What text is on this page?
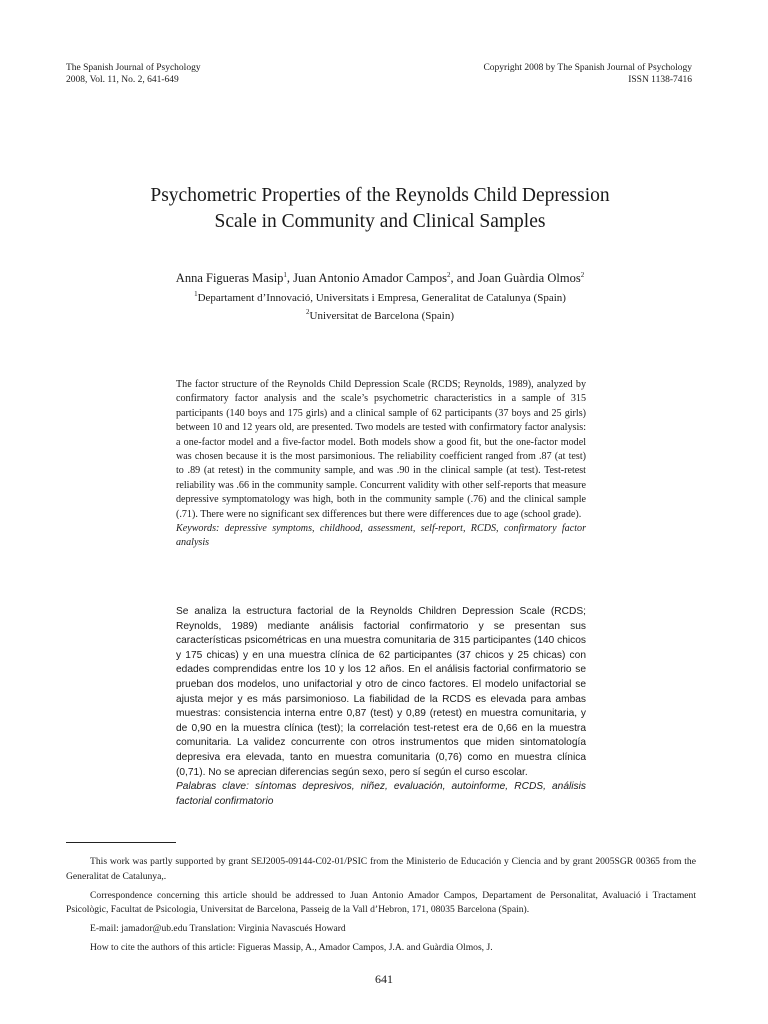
The Spanish Journal of Psychology
2008, Vol. 11, No. 2, 641-649
Copyright 2008 by The Spanish Journal of Psychology
ISSN 1138-7416
Psychometric Properties of the Reynolds Child Depression
Scale in Community and Clinical Samples
Anna Figueras Masip$^1$, Juan Antonio Amador Campos$^2$, and Joan Guàrdia Olmos$^2$
$^1$Departament d’Innovació, Universitats i Empresa, Generalitat de Catalunya (Spain)
$^2$Universitat de Barcelona (Spain)

The factor structure of the Reynolds Child Depression Scale (RCDS; Reynolds, 1989), analyzed by confirmatory factor analysis and the scale’s psychometric characteristics in a sample of 315 participants (140 boys and 175 girls) and a clinical sample of 62 participants (37 boys and 25 girls) between 10 and 12 years old, are presented. Two models are tested with confirmatory factor analysis: a one-factor model and a five-factor model. Both models show a good fit, but the one-factor model was chosen because it is the most parsimonious. The reliability coefficient ranged from .87 (at test) to .89 (at retest) in the community sample, and was .90 in the clinical sample (at test). Test-retest reliability was .66 in the community sample. Concurrent validity with other self-reports that measure depressive symptomatology was high, both in the community sample (.76) and the clinical sample (.71). There were no significant sex differences but there were differences due to age (school grade).

Keywords: depressive symptoms, childhood, assessment, self-report, RCDS, confirmatory factor analysis

Se analiza la estructura factorial de la Reynolds Children Depression Scale (RCDS; Reynolds, 1989) mediante análisis factorial confirmatorio y se presentan sus características psicométricas en una muestra comunitaria de 315 participantes (140 chicos y 175 chicas) y en una muestra clínica de 62 participantes (37 chicos y 25 chicas) con edades comprendidas entre los 10 y los 12 años. En el análisis factorial confirmatorio se prueban dos modelos, uno unifactorial y otro de cinco factores. El modelo unifactorial se ajusta mejor y es más parsimonioso. La fiabilidad de la RCDS es elevada para ambas muestras: consistencia interna entre 0,87 (test) y 0,89 (retest) en muestra comunitaria, y de 0,90 en la muestra clínica (test); la correlación test-retest era de 0,66 en la muestra comunitaria. La validez concurrente con otros instrumentos que miden sintomatología depresiva era elevada, tanto en muestra comunitaria (0,76) como en muestra clínica (0,71). No se aprecian diferencias según sexo, pero sí según el curso escolar.

Palabras clave: síntomas depresivos, niñez, evaluación, autoinforme, RCDS, análisis factorial confirmatorio

This work was partly supported by grant SEJ2005-09144-C02-01/PSIC from the Ministerio de Educación y Ciencia and by grant 2005SGR 00365 from the Generalitat de Catalunya,.

Correspondence concerning this article should be addressed to Juan Antonio Amador Campos, Departament de Personalitat, Avaluació i Tractament Psicològic, Facultat de Psicologia, Universitat de Barcelona, Passeig de la Vall d’Hebron, 171, 08035 Barcelona (Spain).

E-mail: jamador@ub.edu Translation: Virginia Navascués Howard

How to cite the authors of this article: Figueras Massip, A., Amador Campos, J.A. and Guàrdia Olmos, J.

641
